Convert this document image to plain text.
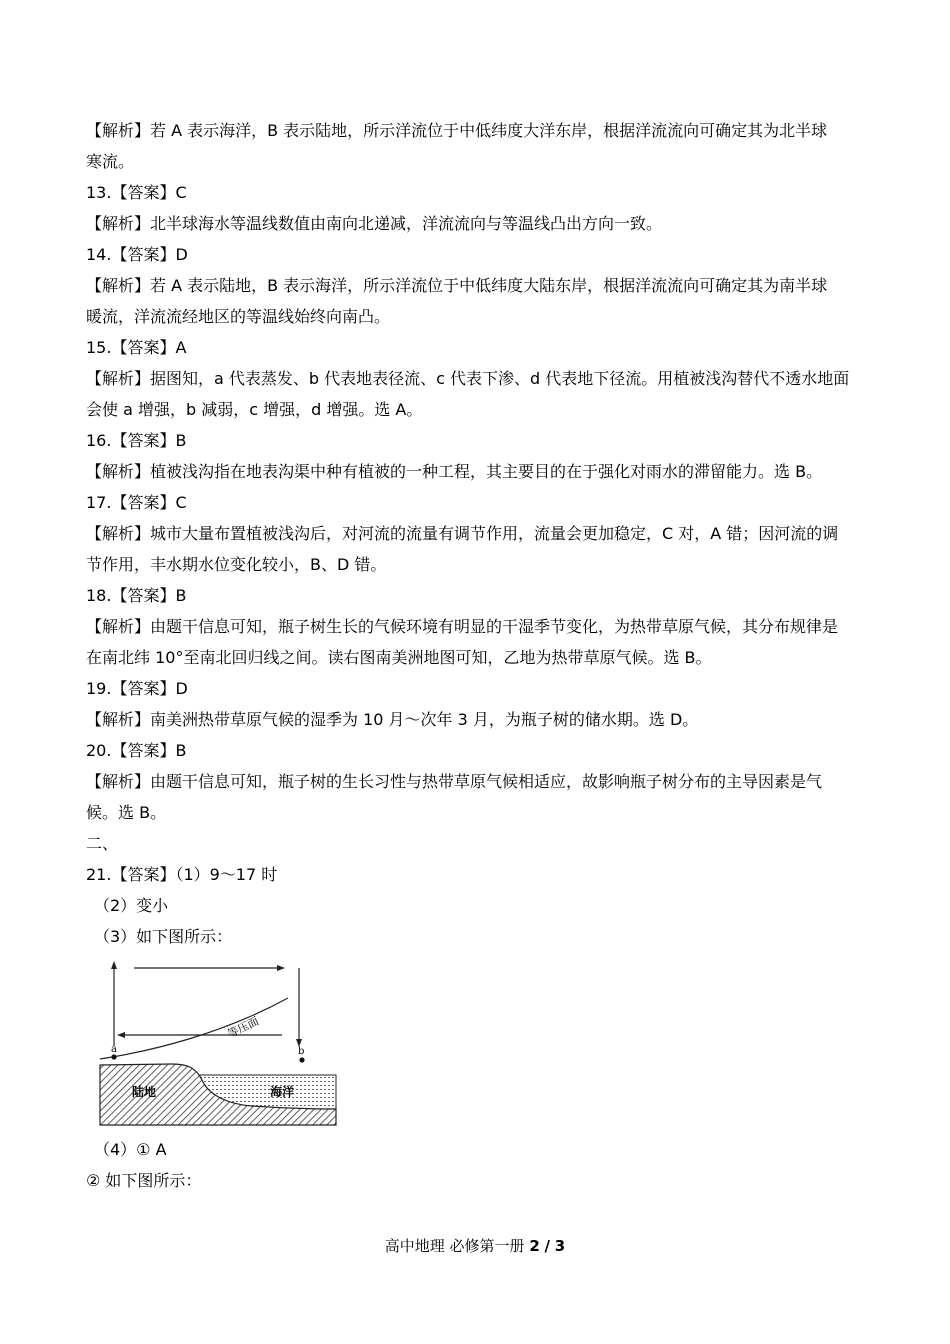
【解析】若 A 表示海洋，B 表示陆地，所示洋流位于中低纬度大洋东岸，根据洋流流向可确定其为北半球
寒流。
13.【答案】C
【解析】北半球海水等温线数值由南向北递减，洋流流向与等温线凸出方向一致。
14.【答案】D
【解析】若 A 表示陆地，B 表示海洋，所示洋流位于中低纬度大陆东岸，根据洋流流向可确定其为南半球
暖流，洋流流经地区的等温线始终向南凸。
15.【答案】A
【解析】据图知，a 代表蒸发、b 代表地表径流、c 代表下渗、d 代表地下径流。用植被浅沟替代不透水地面
会使 a 增强，b 减弱，c 增强，d 增强。选 A。
16.【答案】B
【解析】植被浅沟指在地表沟渠中种有植被的一种工程，其主要目的在于强化对雨水的滞留能力。选 B。
17.【答案】C
【解析】城市大量布置植被浅沟后，对河流的流量有调节作用，流量会更加稳定，C 对，A 错；因河流的调
节作用，丰水期水位变化较小，B、D 错。
18.【答案】B
【解析】由题干信息可知，瓶子树生长的气候环境有明显的干湿季节变化，为热带草原气候，其分布规律是
在南北纬 10°至南北回归线之间。读右图南美洲地图可知，乙地为热带草原气候。选 B。
19.【答案】D
【解析】南美洲热带草原气候的湿季为 10 月～次年 3 月，为瓶子树的储水期。选 D。
20.【答案】B
【解析】由题干信息可知，瓶子树的生长习性与热带草原气候相适应，故影响瓶子树分布的主导因素是气
候。选 B。
二、
21.【答案】（1）9～17 时
（2）变小
（3）如下图所示：
a	b
等压面
陆地	海洋
（4）① A
② 如下图所示：
高中地理 必修第一册 2 / 3
